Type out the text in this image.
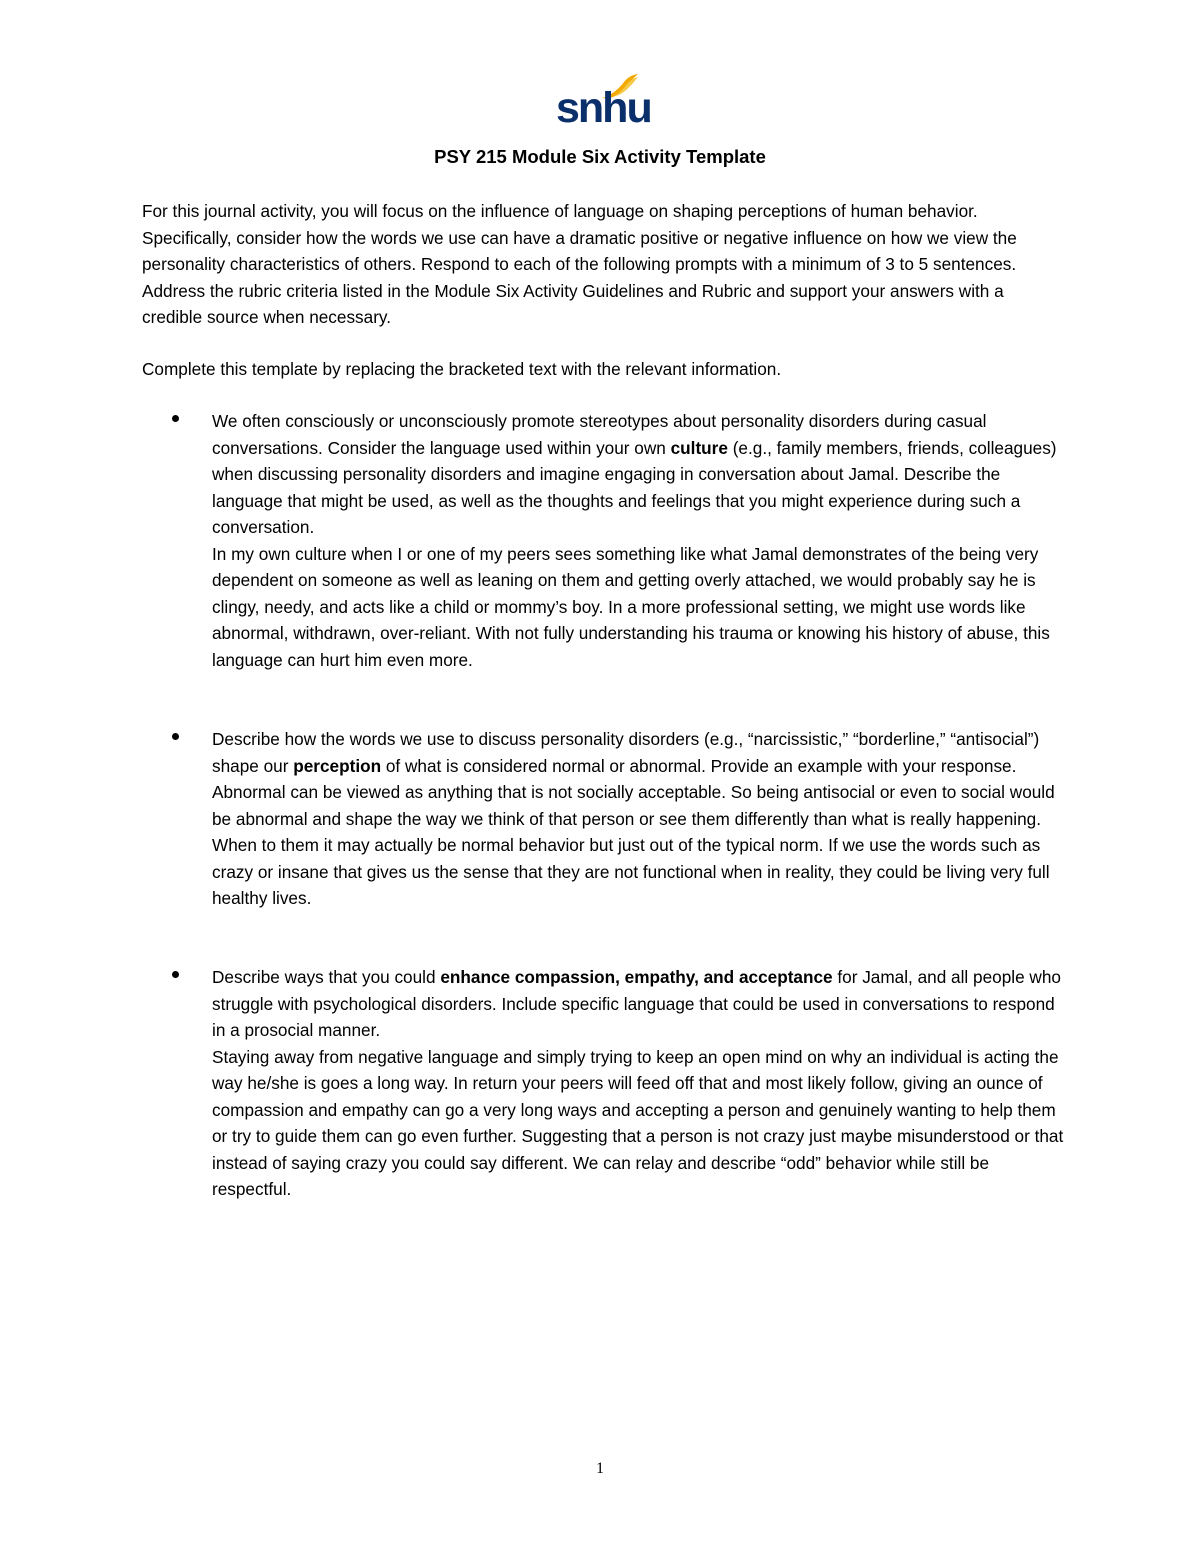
snhu
PSY 215 Module Six Activity Template

For this journal activity, you will focus on the influence of language on shaping perceptions of human behavior. Specifically, consider how the words we use can have a dramatic positive or negative influence on how we view the personality characteristics of others. Respond to each of the following prompts with a minimum of 3 to 5 sentences. Address the rubric criteria listed in the Module Six Activity Guidelines and Rubric and support your answers with a credible source when necessary.

Complete this template by replacing the bracketed text with the relevant information.

We often consciously or unconsciously promote stereotypes about personality disorders during casual conversations. Consider the language used within your own culture (e.g., family members, friends, colleagues) when discussing personality disorders and imagine engaging in conversation about Jamal. Describe the language that might be used, as well as the thoughts and feelings that you might experience during such a conversation.
In my own culture when I or one of my peers sees something like what Jamal demonstrates of the being very dependent on someone as well as leaning on them and getting overly attached, we would probably say he is clingy, needy, and acts like a child or mommy’s boy. In a more professional setting, we might use words like abnormal, withdrawn, over-reliant. With not fully understanding his trauma or knowing his history of abuse, this language can hurt him even more.

Describe how the words we use to discuss personality disorders (e.g., “narcissistic,” “borderline,” “antisocial”) shape our perception of what is considered normal or abnormal. Provide an example with your response.
Abnormal can be viewed as anything that is not socially acceptable. So being antisocial or even to social would be abnormal and shape the way we think of that person or see them differently than what is really happening. When to them it may actually be normal behavior but just out of the typical norm. If we use the words such as crazy or insane that gives us the sense that they are not functional when in reality, they could be living very full healthy lives.

Describe ways that you could enhance compassion, empathy, and acceptance for Jamal, and all people who struggle with psychological disorders. Include specific language that could be used in conversations to respond in a prosocial manner.
Staying away from negative language and simply trying to keep an open mind on why an individual is acting the way he/she is goes a long way. In return your peers will feed off that and most likely follow, giving an ounce of compassion and empathy can go a very long ways and accepting a person and genuinely wanting to help them or try to guide them can go even further. Suggesting that a person is not crazy just maybe misunderstood or that instead of saying crazy you could say different. We can relay and describe “odd” behavior while still be respectful.

1
